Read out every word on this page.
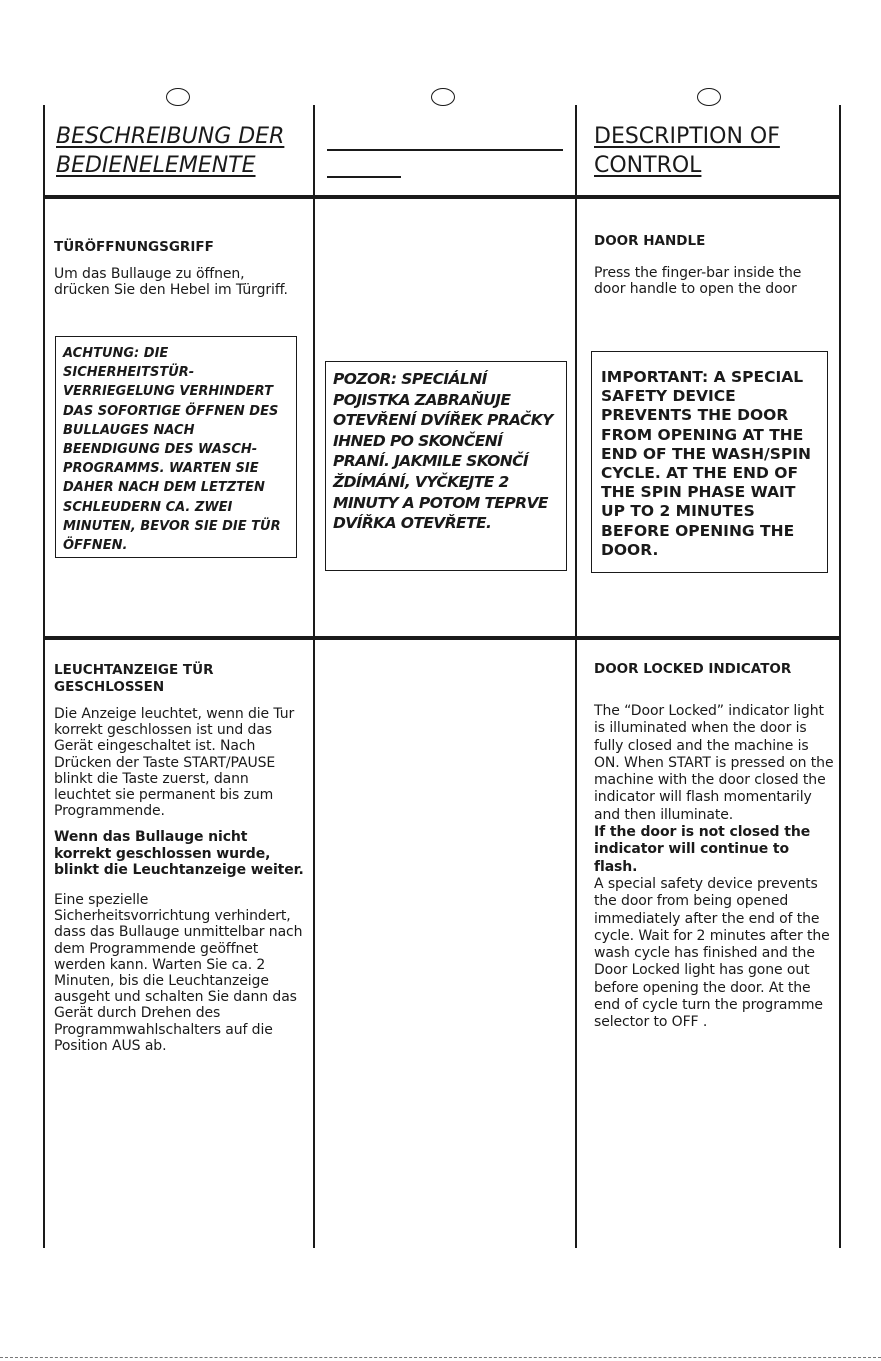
BESCHREIBUNG DER BEDIENELEMENTE
DESCRIPTION OF CONTROL

TÜRÖFFNUNGSGRIFF

Um das Bullauge zu öffnen, drücken Sie den Hebel im Türgriff.

ACHTUNG: DIE SICHERHEITSTÜR-VERRIEGELUNG VERHINDERT DAS SOFORTIGE ÖFFNEN DES BULLAUGES NACH BEENDIGUNG DES WASCH-PROGRAMMS. WARTEN SIE DAHER NACH DEM LETZTEN SCHLEUDERN CA. ZWEI MINUTEN, BEVOR SIE DIE TÜR ÖFFNEN.
POZOR: SPECIÁLNÍ POJISTKA ZABRAŇUJE OTEVŘENÍ DVÍŘEK PRAČKY IHNED PO SKONČENÍ PRANÍ. JAKMILE SKONČÍ ŽDÍMÁNÍ, VYČKEJTE 2 MINUTY A POTOM TEPRVE DVÍŘKA OTEVŘETE.

DOOR HANDLE

Press the finger-bar inside the door handle to open the door

IMPORTANT: A SPECIAL SAFETY DEVICE PREVENTS THE DOOR FROM OPENING AT THE END OF THE WASH/SPIN CYCLE. AT THE END OF THE SPIN PHASE WAIT UP TO 2 MINUTES BEFORE OPENING THE DOOR.

LEUCHTANZEIGE TÜR GESCHLOSSEN

Die Anzeige leuchtet, wenn die Tur korrekt geschlossen ist und das Gerät eingeschaltet ist. Nach Drücken der Taste START/PAUSE blinkt die Taste zuerst, dann leuchtet sie permanent bis zum Programmende.

Wenn das Bullauge nicht korrekt geschlossen wurde, blinkt die Leuchtanzeige weiter.

Eine spezielle Sicherheitsvorrichtung verhindert, dass das Bullauge unmittelbar nach dem Programmende geöffnet werden kann. Warten Sie ca. 2 Minuten, bis die Leuchtanzeige ausgeht und schalten Sie dann das Gerät durch Drehen des Programmwahlschalters auf die Position AUS ab.

DOOR LOCKED INDICATOR

The “Door Locked” indicator light is illuminated when the door is fully closed and the machine is ON. When START is pressed on the machine with the door closed the indicator will flash momentarily and then illuminate.

If the door is not closed the indicator will continue to flash.

A special safety device prevents the door from being opened immediately after the end of the cycle. Wait for 2 minutes after the wash cycle has finished and the Door Locked light has gone out before opening the door. At the end of cycle turn the programme selector to OFF .
